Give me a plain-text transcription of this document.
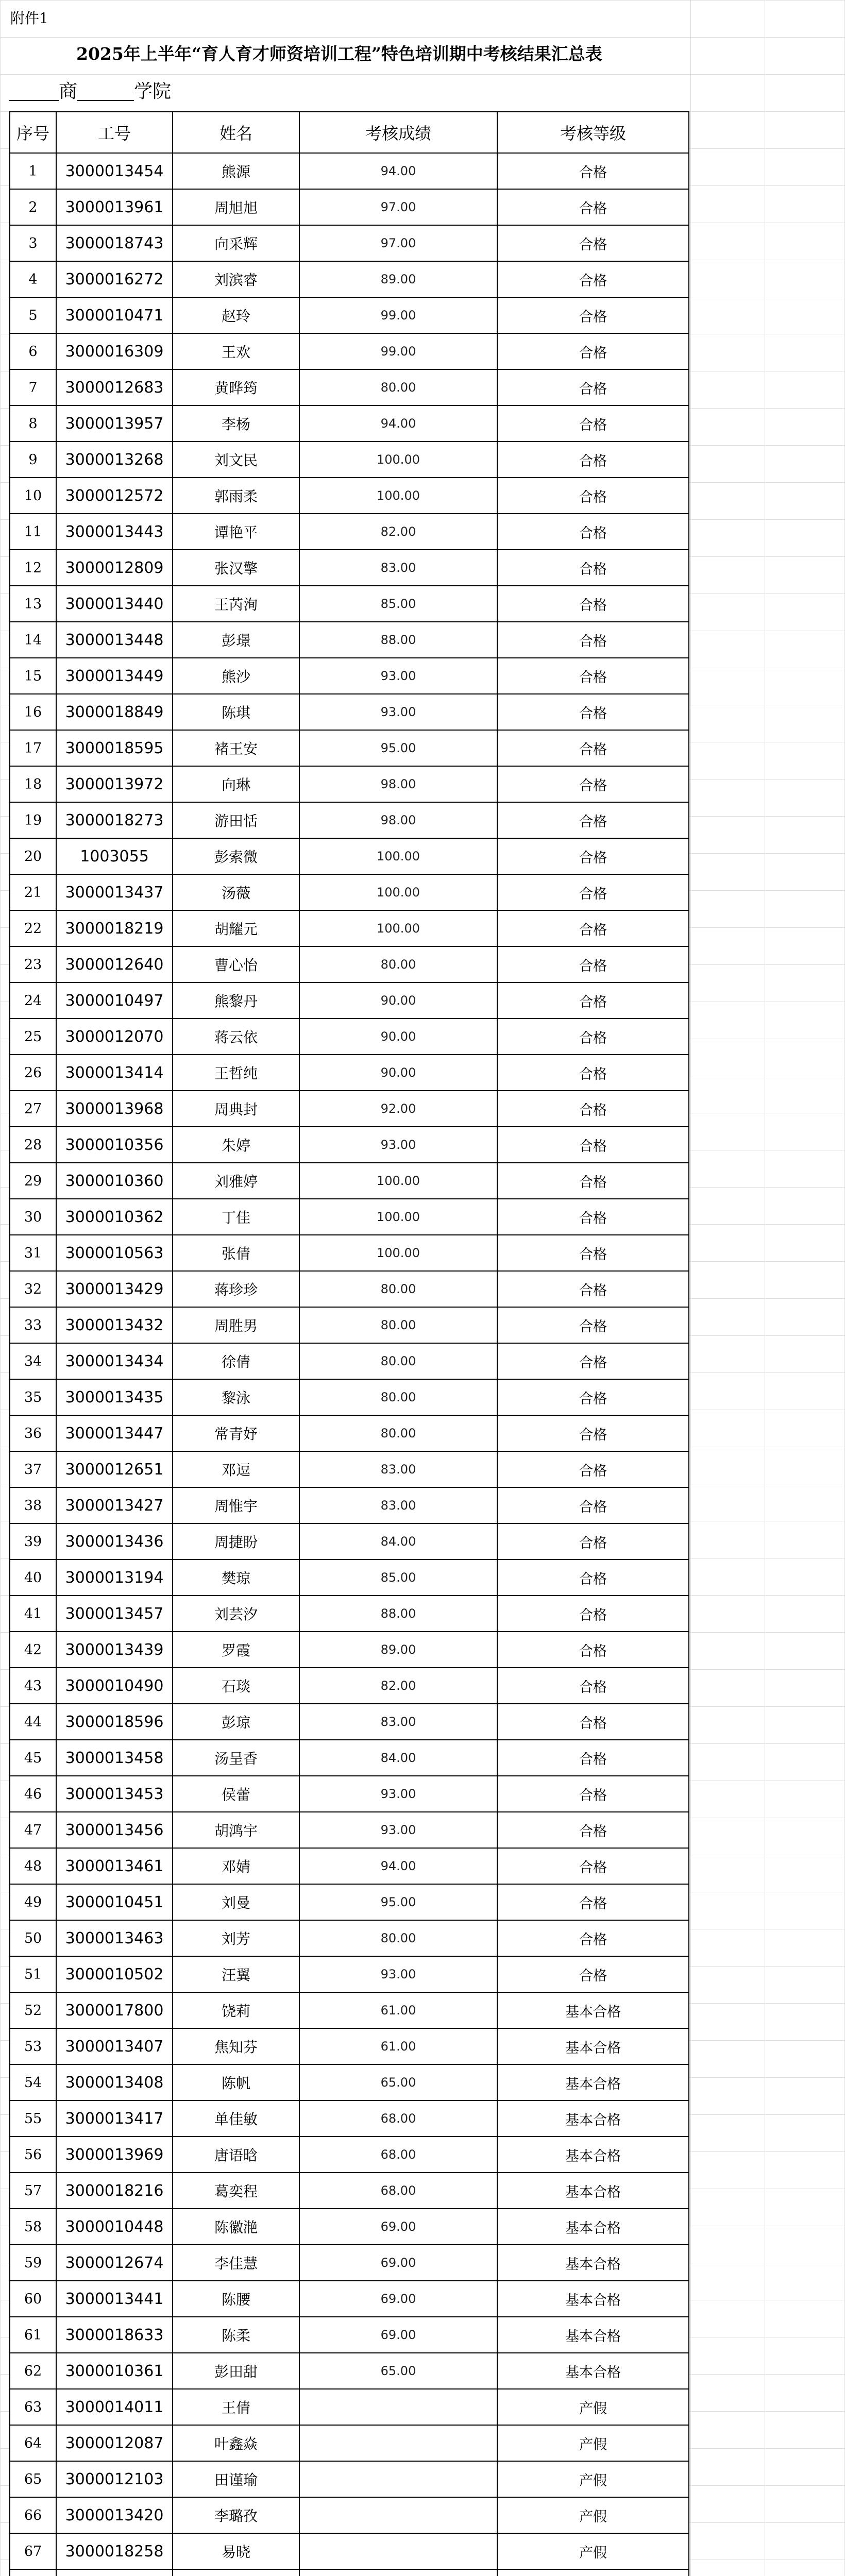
附件1
2025年上半年“育人育才师资培训工程”特色培训期中考核结果汇总表
商	学院
序号	工号	姓名	考核成绩	考核等级
1	3000013454	熊源	94.00	合格
2	3000013961	周旭旭	97.00	合格
3	3000018743	向采辉	97.00	合格
4	3000016272	刘滨睿	89.00	合格
5	3000010471	赵玲	99.00	合格
6	3000016309	王欢	99.00	合格
7	3000012683	黄晔筠	80.00	合格
8	3000013957	李杨	94.00	合格
9	3000013268	刘文民	100.00	合格
10	3000012572	郭雨柔	100.00	合格
11	3000013443	谭艳平	82.00	合格
12	3000012809	张汉擎	83.00	合格
13	3000013440	王芮洵	85.00	合格
14	3000013448	彭璟	88.00	合格
15	3000013449	熊沙	93.00	合格
16	3000018849	陈琪	93.00	合格
17	3000018595	褚王安	95.00	合格
18	3000013972	向琳	98.00	合格
19	3000018273	游田恬	98.00	合格
20	1003055	彭索微	100.00	合格
21	3000013437	汤薇	100.00	合格
22	3000018219	胡耀元	100.00	合格
23	3000012640	曹心怡	80.00	合格
24	3000010497	熊黎丹	90.00	合格
25	3000012070	蒋云依	90.00	合格
26	3000013414	王哲纯	90.00	合格
27	3000013968	周典封	92.00	合格
28	3000010356	朱婷	93.00	合格
29	3000010360	刘雅婷	100.00	合格
30	3000010362	丁佳	100.00	合格
31	3000010563	张倩	100.00	合格
32	3000013429	蒋珍珍	80.00	合格
33	3000013432	周胜男	80.00	合格
34	3000013434	徐倩	80.00	合格
35	3000013435	黎泳	80.00	合格
36	3000013447	常青妤	80.00	合格
37	3000012651	邓逗	83.00	合格
38	3000013427	周惟宇	83.00	合格
39	3000013436	周捷盼	84.00	合格
40	3000013194	樊琼	85.00	合格
41	3000013457	刘芸汐	88.00	合格
42	3000013439	罗霞	89.00	合格
43	3000010490	石琰	82.00	合格
44	3000018596	彭琼	83.00	合格
45	3000013458	汤呈香	84.00	合格
46	3000013453	侯蕾	93.00	合格
47	3000013456	胡鸿宇	93.00	合格
48	3000013461	邓婧	94.00	合格
49	3000010451	刘曼	95.00	合格
50	3000013463	刘芳	80.00	合格
51	3000010502	汪翼	93.00	合格
52	3000017800	饶莉	61.00	基本合格
53	3000013407	焦知芬	61.00	基本合格
54	3000013408	陈帆	65.00	基本合格
55	3000013417	单佳敏	68.00	基本合格
56	3000013969	唐语晗	68.00	基本合格
57	3000018216	葛奕程	68.00	基本合格
58	3000010448	陈徽滟	69.00	基本合格
59	3000012674	李佳慧	69.00	基本合格
60	3000013441	陈腰	69.00	基本合格
61	3000018633	陈柔	69.00	基本合格
62	3000010361	彭田甜	65.00	基本合格
63	3000014011	王倩		产假
64	3000012087	叶鑫焱		产假
65	3000012103	田谨瑜		产假
66	3000013420	李璐孜		产假
67	3000018258	易晓		产假
